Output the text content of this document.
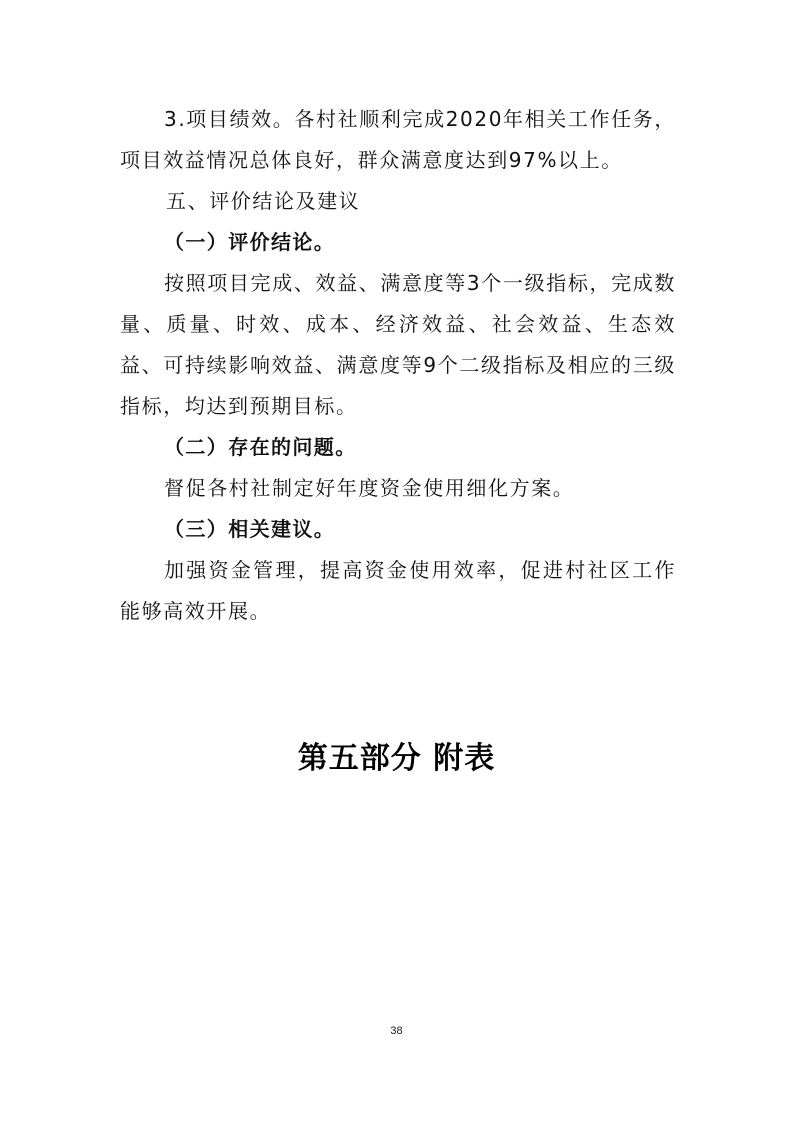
3.项目绩效。各村社顺利完成2020年相关工作任务，项目效益情况总体良好，群众满意度达到97%以上。

五、评价结论及建议

（一）评价结论。

按照项目完成、效益、满意度等3个一级指标，完成数量、质量、时效、成本、经济效益、社会效益、生态效益、可持续影响效益、满意度等9个二级指标及相应的三级指标，均达到预期目标。

（二）存在的问题。

督促各村社制定好年度资金使用细化方案。

（三）相关建议。

加强资金管理，提高资金使用效率，促进村社区工作能够高效开展。

第五部分 附表
38
